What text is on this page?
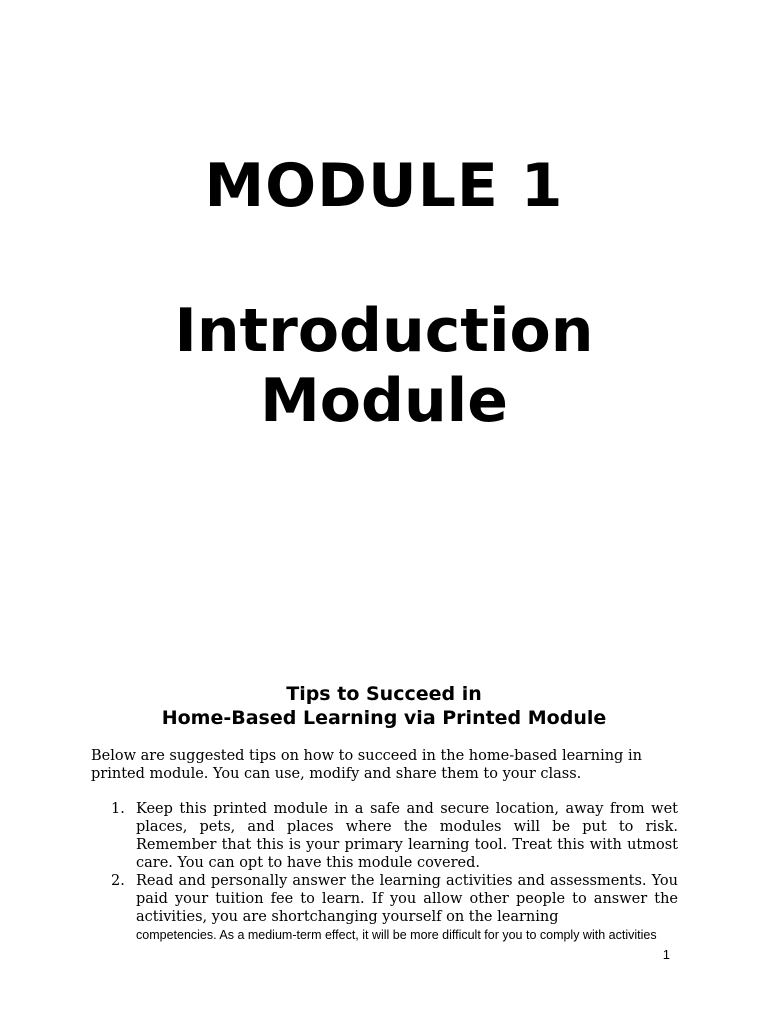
MODULE 1
Introduction
Module
Tips to Succeed in
Home-Based Learning via Printed Module

Below are suggested tips on how to succeed in the home-based learning in printed module. You can use, modify and share them to your class.

1. Keep this printed module in a safe and secure location, away from wet places, pets, and places where the modules will be put to risk. Remember that this is your primary learning tool. Treat this with utmost care. You can opt to have this module covered.
2. Read and personally answer the learning activities and assessments. You paid your tuition fee to learn. If you allow other people to answer the activities, you are shortchanging yourself on the learning
competencies. As a medium-term effect, it will be more difficult for you to comply with activities
1
